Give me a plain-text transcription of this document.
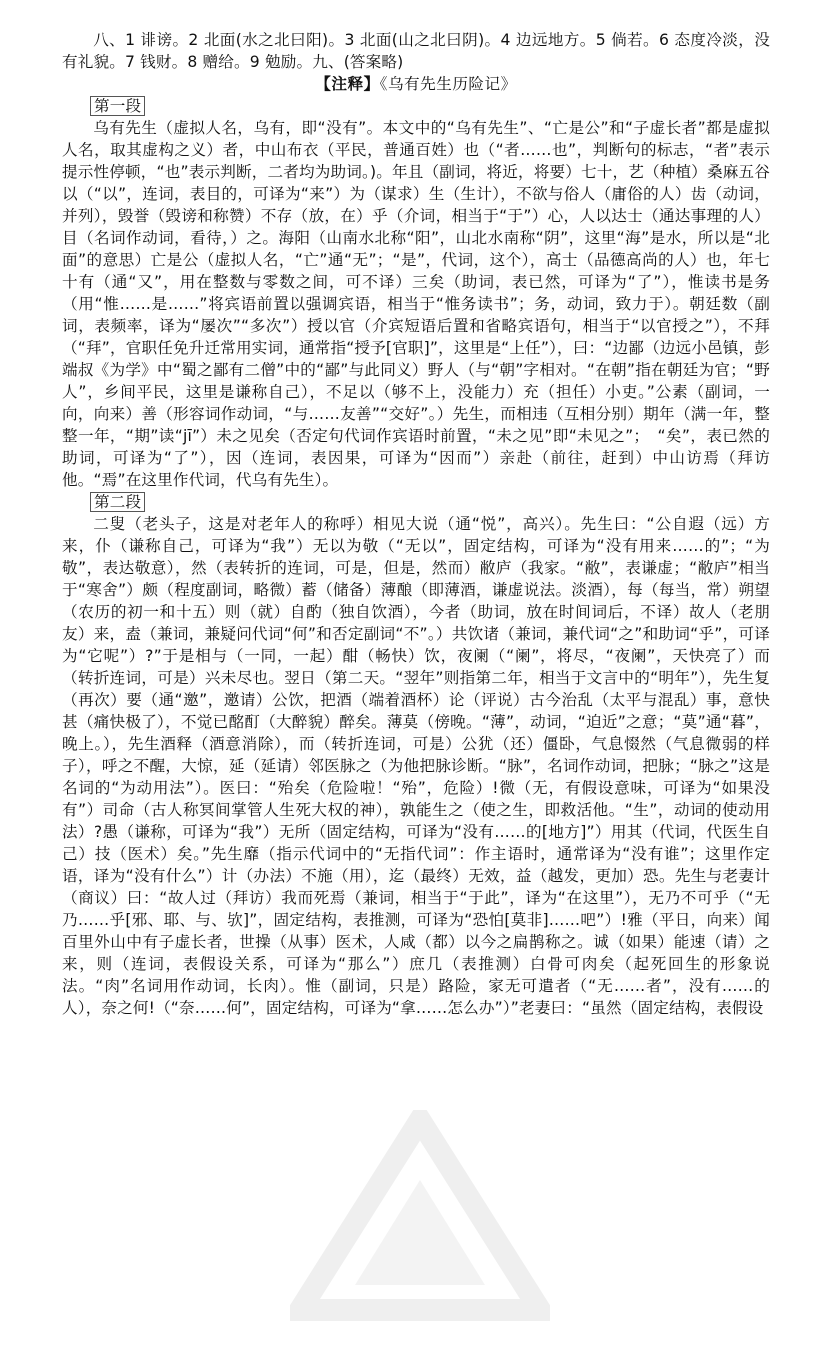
八、1 诽谤。2 北面(水之北曰阳)。3 北面(山之北曰阴)。4 边远地方。5 倘若。6 态度冷淡，没有礼貌。7 钱财。8 赠给。9 勉励。九、(答案略)

【注释】《乌有先生历险记》

第一段

乌有先生（虚拟人名，乌有，即“没有”。本文中的“乌有先生”、“亡是公”和“子虚长者”都是虚拟人名，取其虚构之义）者，中山布衣（平民，普通百姓）也（“者……也”，判断句的标志，“者”表示提示性停顿，“也”表示判断，二者均为助词。)。年且（副词，将近，将要）七十，艺（种植）桑麻五谷以（“以”，连词，表目的，可译为“来”）为（谋求）生（生计），不欲与俗人（庸俗的人）齿（动词，并列），毁誉（毁谤和称赞）不存（放，在）乎（介词，相当于“于”）心，人以达士（通达事理的人）目（名词作动词，看待，）之。海阳（山南水北称“阳”，山北水南称“阴”，这里“海”是水，所以是“北面”的意思）亡是公（虚拟人名，“亡”通“无”；“是”，代词，这个），高士（品德高尚的人）也，年七十有（通“又”，用在整数与零数之间，可不译）三矣（助词，表已然，可译为“了”），惟读书是务（用“惟……是……”将宾语前置以强调宾语，相当于“惟务读书”；务，动词，致力于）。朝廷数（副词，表频率，译为“屡次”“多次”）授以官（介宾短语后置和省略宾语句，相当于“以官授之”），不拜（“拜”，官职任免升迁常用实词，通常指“授予[官职]”，这里是“上任”），曰：“边鄙（边远小邑镇，彭端叔《为学》中“蜀之鄙有二僧”中的“鄙”与此同义）野人（与“朝”字相对。“在朝”指在朝廷为官；“野人”，乡间平民，这里是谦称自己），不足以（够不上，没能力）充（担任）小吏。”公素（副词，一向，向来）善（形容词作动词，“与……友善”“交好”。）先生，而相违（互相分别）期年（满一年，整整一年，“期”读“jī”）未之见矣（否定句代词作宾语时前置，“未之见”即“未见之”；　“矣”，表已然的助词，可译为“了”），因（连词，表因果，可译为“因而”）亲赴（前往，赶到）中山访焉（拜访他。“焉”在这里作代词，代乌有先生）。

第二段

二叟（老头子，这是对老年人的称呼）相见大说（通“悦”，高兴）。先生曰：“公自遐（远）方来，仆（谦称自己，可译为“我”）无以为敬（“无以”，固定结构，可译为“没有用来……的”；“为敬”，表达敬意），然（表转折的连词，可是，但是，然而）敝庐（我家。“敝”，表谦虚；“敝庐”相当于“寒舍”）颇（程度副词，略微）蓄（储备）薄酿（即薄酒，谦虚说法。淡酒），每（每当，常）朔望（农历的初一和十五）则（就）自酌（独自饮酒），今者（助词，放在时间词后，不译）故人（老朋友）来，盍（兼词，兼疑问代词“何”和否定副词“不”。）共饮诸（兼词，兼代词“之”和助词“乎”，可译为“它呢”）?”于是相与（一同，一起）酣（畅快）饮，夜阑（“阑”，将尽，“夜阑”，天快亮了）而（转折连词，可是）兴未尽也。翌日（第二天。“翌年”则指第二年，相当于文言中的“明年”），先生复（再次）要（通“邀”，邀请）公饮，把酒（端着酒杯）论（评说）古今治乱（太平与混乱）事，意快甚（痛快极了），不觉已酩酊（大醉貌）醉矣。薄莫（傍晚。“薄”，动词，“迫近”之意；“莫”通“暮”，晚上。），先生酒释（酒意消除），而（转折连词，可是）公犹（还）僵卧，气息惙然（气息微弱的样子），呼之不醒，大惊，延（延请）邻医脉之（为他把脉诊断。“脉”，名词作动词，把脉；“脉之”这是名词的“为动用法”）。医曰：“殆矣（危险啦！“殆”，危险）!微（无，有假设意味，可译为“如果没有”）司命（古人称冥间掌管人生死大权的神），孰能生之（使之生，即救活他。“生”，动词的使动用法）?愚（谦称，可译为“我”）无所（固定结构，可译为“没有……的[地方]”）用其（代词，代医生自己）技（医术）矣。”先生靡（指示代词中的“无指代词”：作主语时，通常译为“没有谁”；这里作定语，译为“没有什么”）计（办法）不施（用），迄（最终）无效，益（越发，更加）恐。先生与老妻计（商议）曰：“故人过（拜访）我而死焉（兼词，相当于“于此”，译为“在这里”），无乃不可乎（“无乃……乎[邪、耶、与、欤]”，固定结构，表推测，可译为“恐怕[莫非]……吧”）!雅（平日，向来）闻百里外山中有子虚长者，世操（从事）医术，人咸（都）以今之扁鹊称之。诚（如果）能速（请）之来，则（连词，表假设关系，可译为“那么”）庶几（表推测）白骨可肉矣（起死回生的形象说法。“肉”名词用作动词，长肉）。惟（副词，只是）路险，家无可遣者（“无……者”，没有……的人），奈之何!（“奈……何”，固定结构，可译为“拿……怎么办”）”老妻曰：“虽然（固定结构，表假设
